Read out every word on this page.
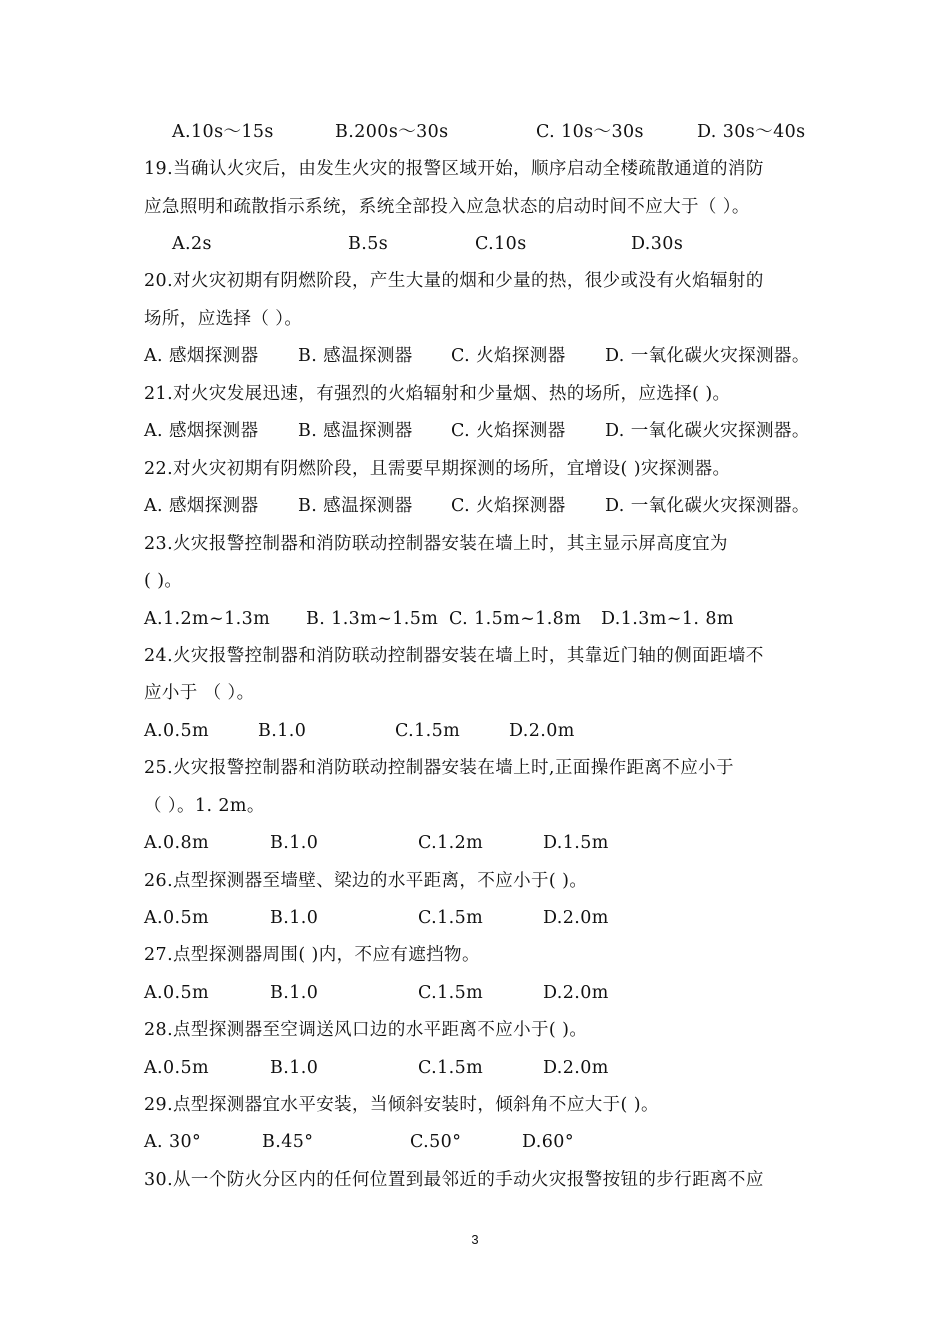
A.10s～15s	B.200s～30s	C. 10s～30s	D. 30s～40s
19.当确认火灾后，由发生火灾的报警区域开始，顺序启动全楼疏散通道的消防
应急照明和疏散指示系统，系统全部投入应急状态的启动时间不应大于（ ）。
A.2s	B.5s	C.10s	D.30s
20.对火灾初期有阴燃阶段，产生大量的烟和少量的热，很少或没有火焰辐射的
场所，应选择（ ）。
A. 感烟探测器 B. 感温探测器 C. 火焰探测器 D. 一氧化碳火灾探测器。
21.对火灾发展迅速，有强烈的火焰辐射和少量烟、热的场所，应选择( )。
A. 感烟探测器 B. 感温探测器 C. 火焰探测器 D. 一氧化碳火灾探测器。
22.对火灾初期有阴燃阶段，且需要早期探测的场所，宜增设( )灾探测器。
A. 感烟探测器 B. 感温探测器 C. 火焰探测器 D. 一氧化碳火灾探测器。
23.火灾报警控制器和消防联动控制器安装在墙上时，其主显示屏高度宜为
( )。
A.1.2m~1.3m B. 1.3m~1.5m C. 1.5m~1.8m D.1.3m~1. 8m
24.火灾报警控制器和消防联动控制器安装在墙上时，其靠近门轴的侧面距墙不
应小于 （ ）。
A.0.5m	B.1.0	C.1.5m	D.2.0m
25.火灾报警控制器和消防联动控制器安装在墙上时,正面操作距离不应小于
（ ）。1. 2m。
A.0.8m	B.1.0	C.1.2m	D.1.5m
26.点型探测器至墙壁、梁边的水平距离，不应小于( )。
A.0.5m	B.1.0	C.1.5m	D.2.0m
27.点型探测器周围( )内，不应有遮挡物。
A.0.5m	B.1.0	C.1.5m	D.2.0m
28.点型探测器至空调送风口边的水平距离不应小于( )。
A.0.5m	B.1.0	C.1.5m	D.2.0m
29.点型探测器宜水平安装，当倾斜安装时，倾斜角不应大于( )。
A. 30°	B.45°	C.50°	D.60°
30.从一个防火分区内的任何位置到最邻近的手动火灾报警按钮的步行距离不应
3
